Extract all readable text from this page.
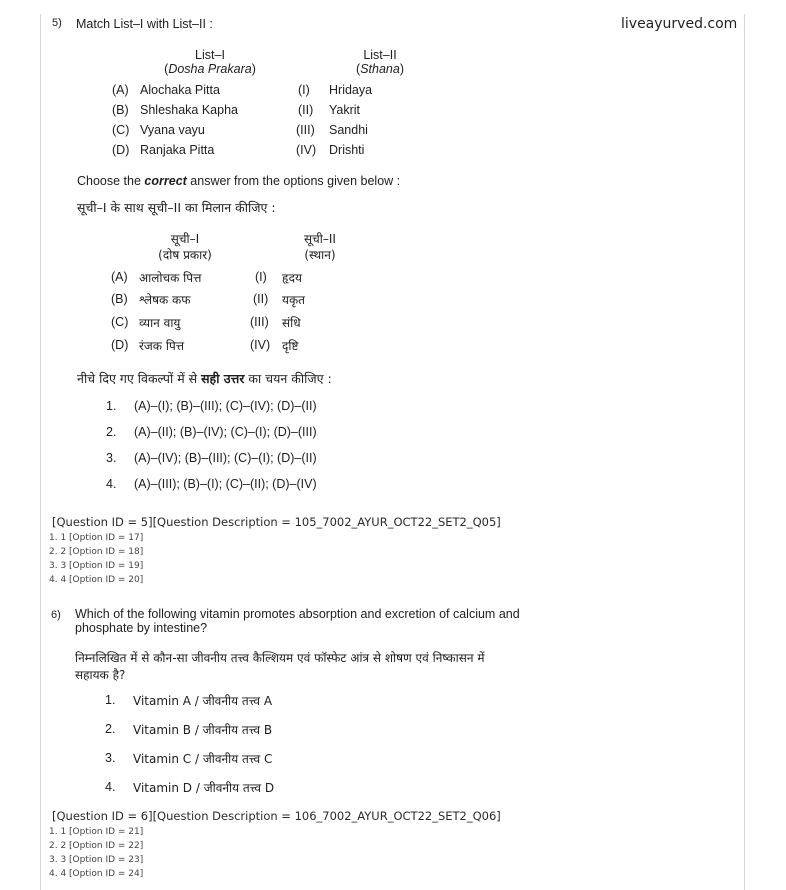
liveayurved.com
5) Match List–I with List–II :
List–I
(Dosha Prakara)
List–II
(Sthana)
(A) Alochaka Pitta	(I) Hridaya
(B) Shleshaka Kapha	(II) Yakrit
(C) Vyana vayu	(III) Sandhi
(D) Ranjaka Pitta	(IV) Drishti
Choose the correct answer from the options given below :
सूची–I के साथ सूची–II का मिलान कीजिए :
सूची–I
(दोष प्रकार)
सूची–II
(स्थान)
(A) आलोचक पित्त	(I) हृदय
(B) श्लेषक कफ	(II) यकृत
(C) व्यान वायु	(III) संधि
(D) रंजक पित्त	(IV) दृष्टि
नीचे दिए गए विकल्पों में से सही उत्तर का चयन कीजिए :
1. (A)–(I); (B)–(III); (C)–(IV); (D)–(II)
2. (A)–(II); (B)–(IV); (C)–(I); (D)–(III)
3. (A)–(IV); (B)–(III); (C)–(I); (D)–(II)
4. (A)–(III); (B)–(I); (C)–(II); (D)–(IV)
[Question ID = 5][Question Description = 105_7002_AYUR_OCT22_SET2_Q05]
1. 1 [Option ID = 17]
2. 2 [Option ID = 18]
3. 3 [Option ID = 19]
4. 4 [Option ID = 20]
6) Which of the following vitamin promotes absorption and excretion of calcium and
phosphate by intestine?
निम्नलिखित में से कौन-सा जीवनीय तत्त्व कैल्शियम एवं फॉस्फेट आंत्र से शोषण एवं निष्कासन में
सहायक है?
1. Vitamin A / जीवनीय तत्त्व A
2. Vitamin B / जीवनीय तत्त्व B
3. Vitamin C / जीवनीय तत्त्व C
4. Vitamin D / जीवनीय तत्त्व D
[Question ID = 6][Question Description = 106_7002_AYUR_OCT22_SET2_Q06]
1. 1 [Option ID = 21]
2. 2 [Option ID = 22]
3. 3 [Option ID = 23]
4. 4 [Option ID = 24]
